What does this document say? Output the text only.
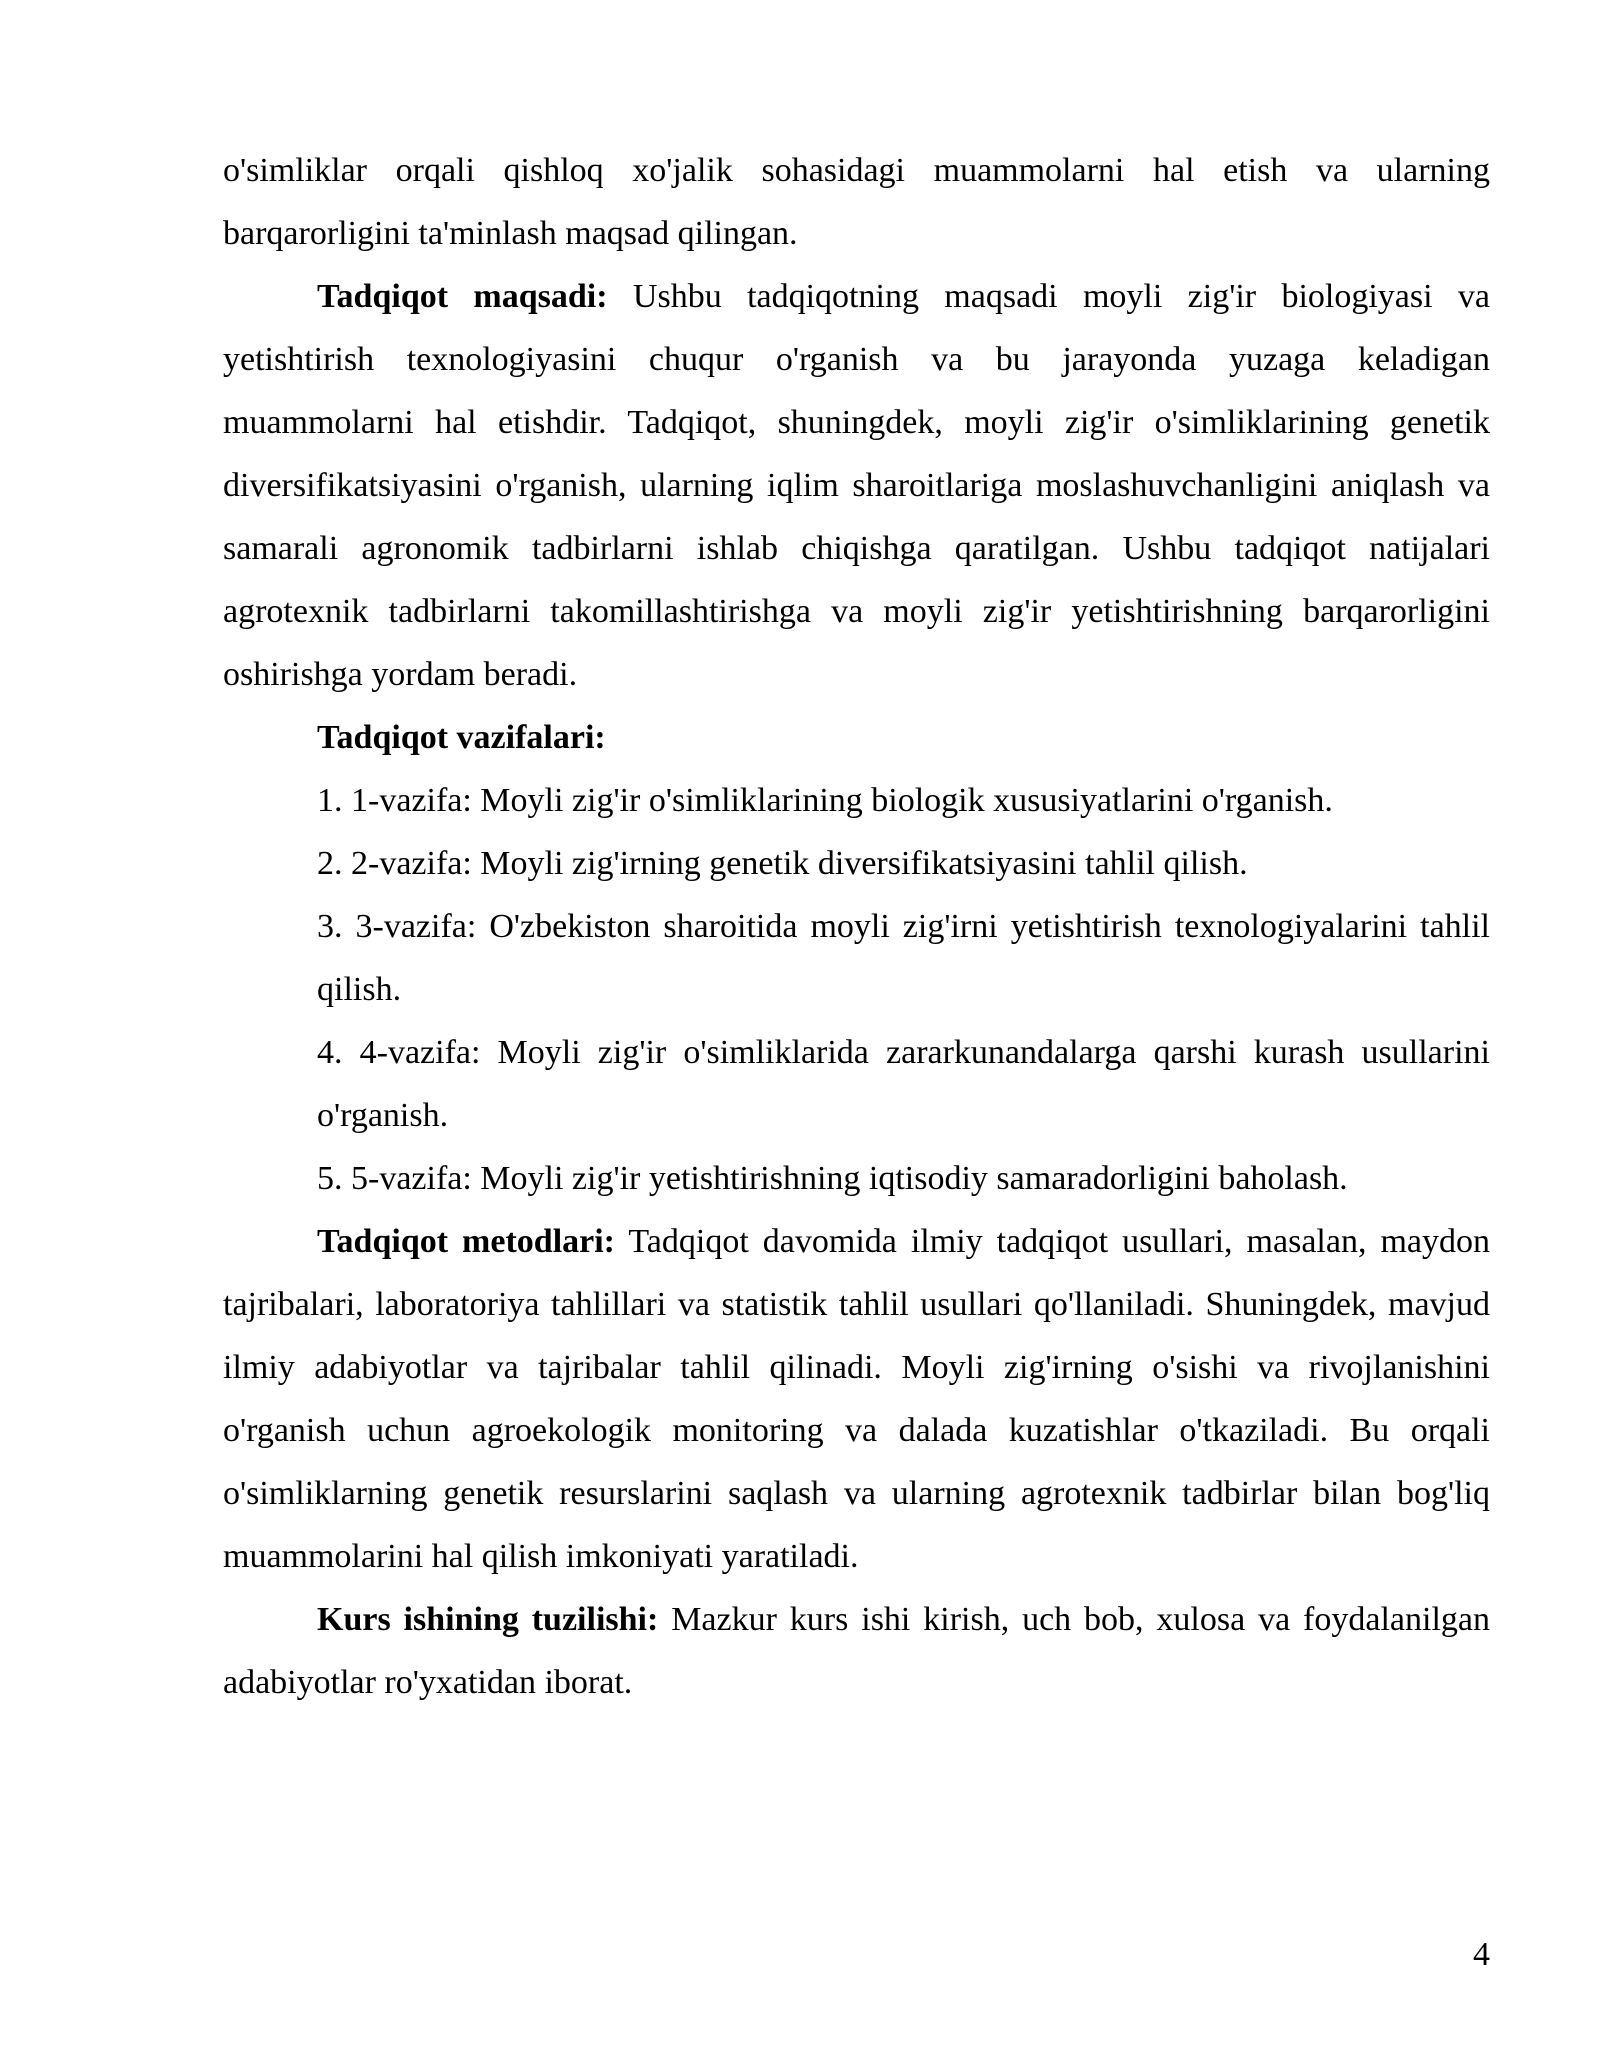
o'simliklar orqali qishloq xo'jalik sohasidagi muammolarni hal etish va ularning barqarorligini ta'minlash maqsad qilingan.

Tadqiqot maqsadi: Ushbu tadqiqotning maqsadi moyli zig'ir biologiyasi va yetishtirish texnologiyasini chuqur o'rganish va bu jarayonda yuzaga keladigan muammolarni hal etishdir. Tadqiqot, shuningdek, moyli zig'ir o'simliklarining genetik diversifikatsiyasini o'rganish, ularning iqlim sharoitlariga moslashuvchanligini aniqlash va samarali agronomik tadbirlarni ishlab chiqishga qaratilgan. Ushbu tadqiqot natijalari agrotexnik tadbirlarni takomillashtirishga va moyli zig'ir yetishtirishning barqarorligini oshirishga yordam beradi.

Tadqiqot vazifalari:

1. 1-vazifa: Moyli zig'ir o'simliklarining biologik xususiyatlarini o'rganish.

2. 2-vazifa: Moyli zig'irning genetik diversifikatsiyasini tahlil qilish.

3. 3-vazifa: O'zbekiston sharoitida moyli zig'irni yetishtirish texnologiyalarini tahlil qilish.

4. 4-vazifa: Moyli zig'ir o'simliklarida zararkunandalarga qarshi kurash usullarini o'rganish.

5. 5-vazifa: Moyli zig'ir yetishtirishning iqtisodiy samaradorligini baholash.

Tadqiqot metodlari: Tadqiqot davomida ilmiy tadqiqot usullari, masalan, maydon tajribalari, laboratoriya tahlillari va statistik tahlil usullari qo'llaniladi. Shuningdek, mavjud ilmiy adabiyotlar va tajribalar tahlil qilinadi. Moyli zig'irning o'sishi va rivojlanishini o'rganish uchun agroekologik monitoring va dalada kuzatishlar o'tkaziladi. Bu orqali o'simliklarning genetik resurslarini saqlash va ularning agrotexnik tadbirlar bilan bog'liq muammolarini hal qilish imkoniyati yaratiladi.

Kurs ishining tuzilishi: Mazkur kurs ishi kirish, uch bob, xulosa va foydalanilgan adabiyotlar ro'yxatidan iborat.

4
